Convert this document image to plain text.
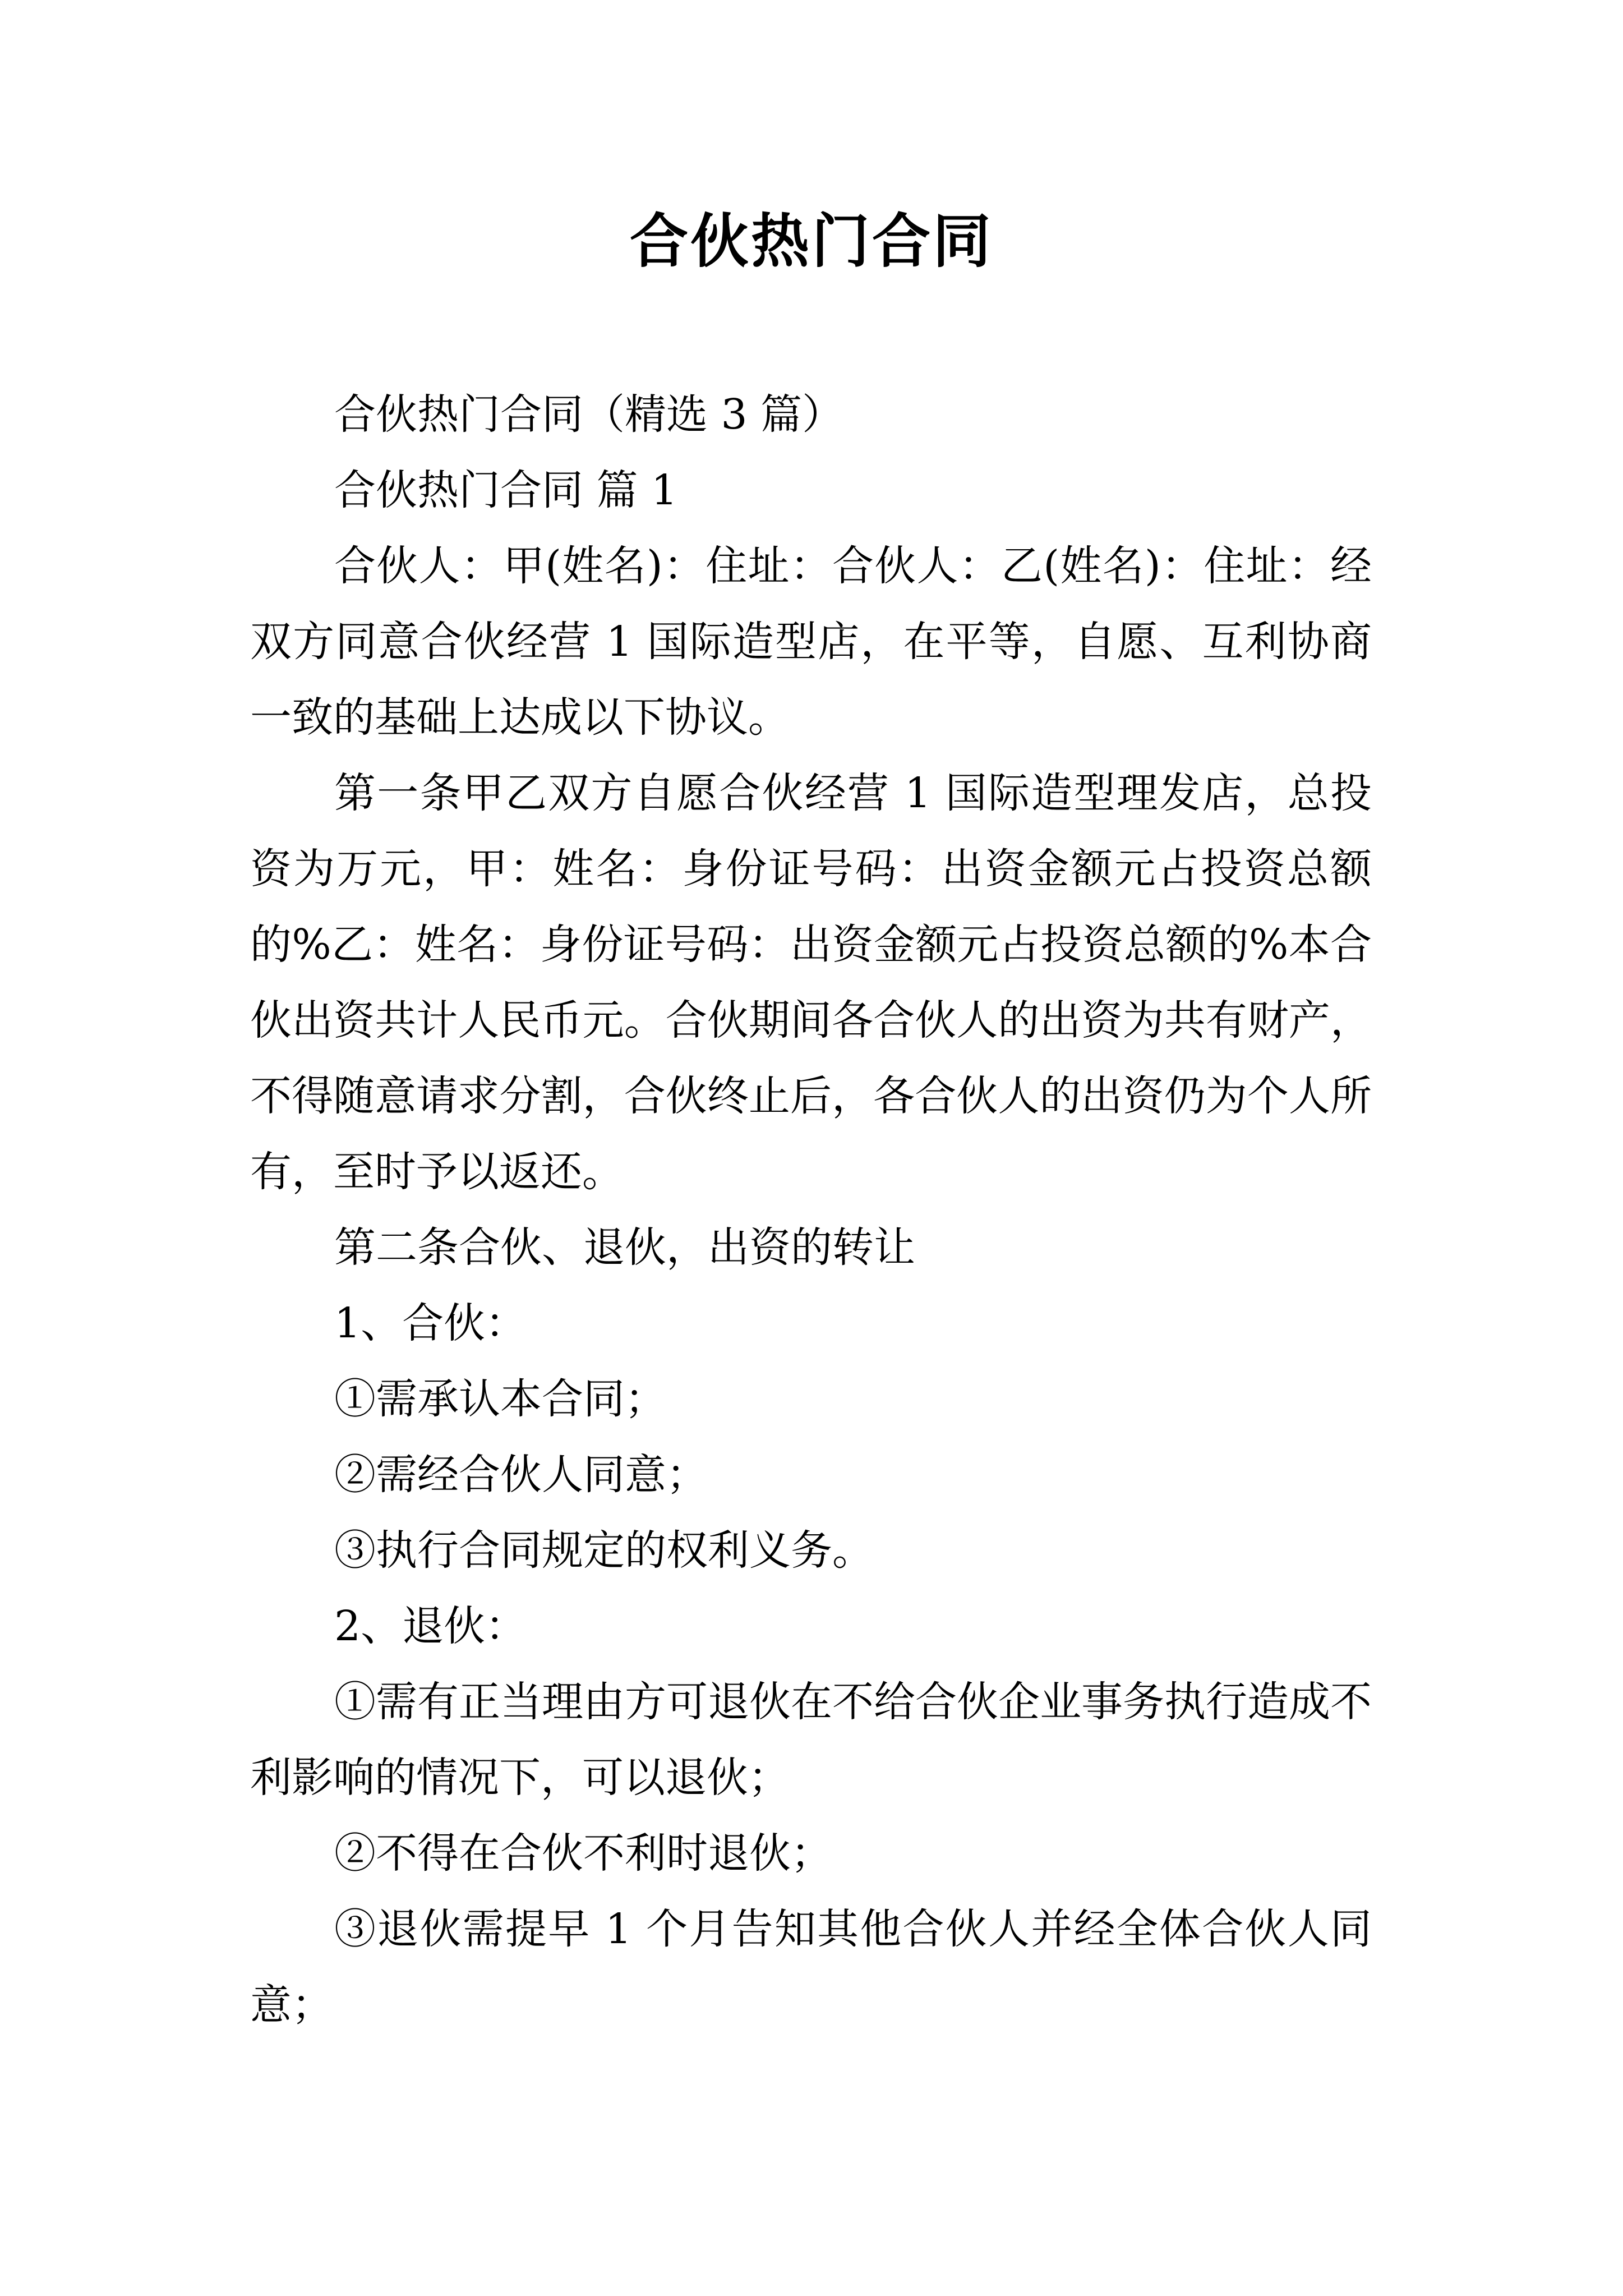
合伙热门合同

合伙热门合同（精选 3 篇）

合伙热门合同 篇 1

合伙人：甲(姓名)：住址：合伙人：乙(姓名)：住址：经双方同意合伙经营 1 国际造型店，在平等，自愿、互利协商一致的基础上达成以下协议。

第一条甲乙双方自愿合伙经营 1 国际造型理发店，总投资为万元，甲：姓名：身份证号码：出资金额元占投资总额的%乙：姓名：身份证号码：出资金额元占投资总额的%本合伙出资共计人民币元。合伙期间各合伙人的出资为共有财产，不得随意请求分割，合伙终止后，各合伙人的出资仍为个人所有，至时予以返还。

第二条合伙、退伙，出资的转让

1、合伙：

①需承认本合同；

②需经合伙人同意；

③执行合同规定的权利义务。

2、退伙：

①需有正当理由方可退伙在不给合伙企业事务执行造成不利影响的情况下，可以退伙；

②不得在合伙不利时退伙；

③退伙需提早 1 个月告知其他合伙人并经全体合伙人同意；
